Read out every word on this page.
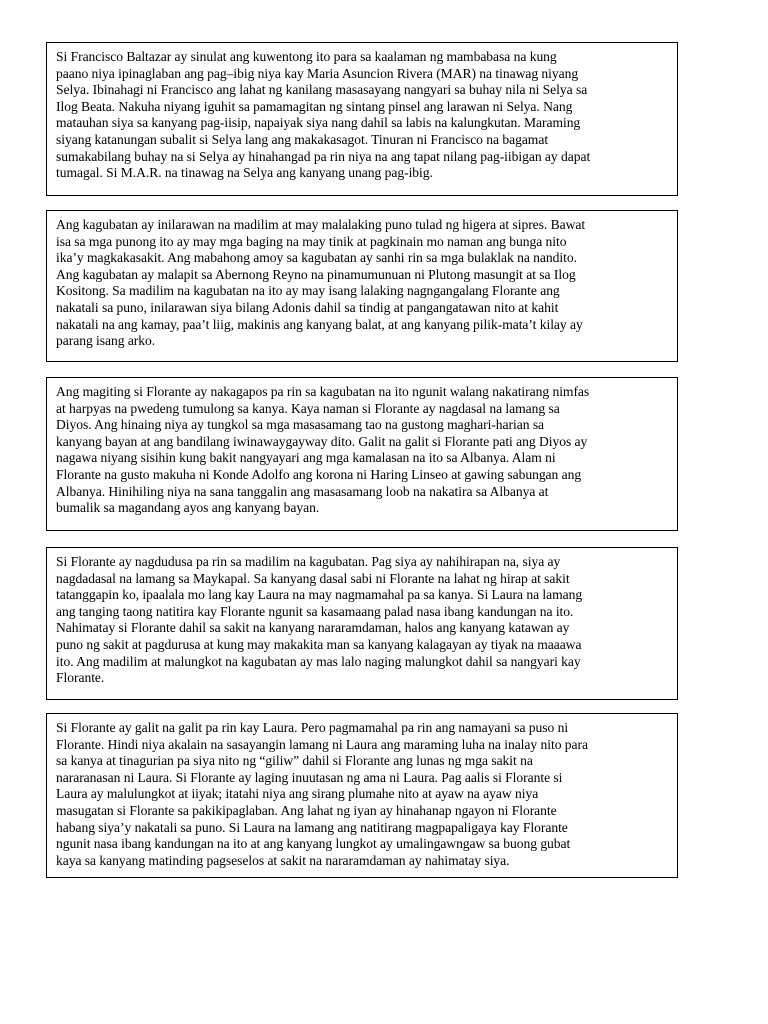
Si Francisco Baltazar ay sinulat ang kuwentong ito para sa kaalaman ng mambabasa na kung
paano niya ipinaglaban ang pag–ibig niya kay Maria Asuncion Rivera (MAR) na tinawag niyang
Selya. Ibinahagi ni Francisco ang lahat ng kanilang masasayang nangyari sa buhay nila ni Selya sa
Ilog Beata. Nakuha niyang iguhit sa pamamagitan ng sintang pinsel ang larawan ni Selya. Nang
matauhan siya sa kanyang pag-iisip, napaiyak siya nang dahil sa labis na kalungkutan. Maraming
siyang katanungan subalit si Selya lang ang makakasagot. Tinuran ni Francisco na bagamat
sumakabilang buhay na si Selya ay hinahangad pa rin niya na ang tapat nilang pag-iibigan ay dapat
tumagal. Si M.A.R. na tinawag na Selya ang kanyang unang pag-ibig.

Ang kagubatan ay inilarawan na madilim at may malalaking puno tulad ng higera at sipres. Bawat
isa sa mga punong ito ay may mga baging na may tinik at pagkinain mo naman ang bunga nito
ika’y magkakasakit. Ang mabahong amoy sa kagubatan ay sanhi rin sa mga bulaklak na nandito.
Ang kagubatan ay malapit sa Abernong Reyno na pinamumunuan ni Plutong masungit at sa Ilog
Kositong. Sa madilim na kagubatan na ito ay may isang lalaking nagngangalang Florante ang
nakatali sa puno, inilarawan siya bilang Adonis dahil sa tindig at pangangatawan nito at kahit
nakatali na ang kamay, paa’t liig, makinis ang kanyang balat, at ang kanyang pilik-mata’t kilay ay
parang isang arko.

Ang magiting si Florante ay nakagapos pa rin sa kagubatan na ito ngunit walang nakatirang nimfas
at harpyas na pwedeng tumulong sa kanya. Kaya naman si Florante ay nagdasal na lamang sa
Diyos. Ang hinaing niya ay tungkol sa mga masasamang tao na gustong maghari-harian sa
kanyang bayan at ang bandilang iwinawaygayway dito. Galit na galit si Florante pati ang Diyos ay
nagawa niyang sisihin kung bakit nangyayari ang mga kamalasan na ito sa Albanya. Alam ni
Florante na gusto makuha ni Konde Adolfo ang korona ni Haring Linseo at gawing sabungan ang
Albanya. Hinihiling niya na sana tanggalin ang masasamang loob na nakatira sa Albanya at
bumalik sa magandang ayos ang kanyang bayan.

Si Florante ay nagdudusa pa rin sa madilim na kagubatan. Pag siya ay nahihirapan na, siya ay
nagdadasal na lamang sa Maykapal. Sa kanyang dasal sabi ni Florante na lahat ng hirap at sakit
tatanggapin ko, ipaalala mo lang kay Laura na may nagmamahal pa sa kanya. Si Laura na lamang
ang tanging taong natitira kay Florante ngunit sa kasamaang palad nasa ibang kandungan na ito.
Nahimatay si Florante dahil sa sakit na kanyang nararamdaman, halos ang kanyang katawan ay
puno ng sakit at pagdurusa at kung may makakita man sa kanyang kalagayan ay tiyak na maaawa
ito. Ang madilim at malungkot na kagubatan ay mas lalo naging malungkot dahil sa nangyari kay
Florante.

Si Florante ay galit na galit pa rin kay Laura. Pero pagmamahal pa rin ang namayani sa puso ni
Florante. Hindi niya akalain na sasayangin lamang ni Laura ang maraming luha na inalay nito para
sa kanya at tinagurian pa siya nito ng “giliw” dahil si Florante ang lunas ng mga sakit na
nararanasan ni Laura. Si Florante ay laging inuutasan ng ama ni Laura. Pag aalis si Florante si
Laura ay malulungkot at iiyak; itatahi niya ang sirang plumahe nito at ayaw na ayaw niya
masugatan si Florante sa pakikipaglaban. Ang lahat ng iyan ay hinahanap ngayon ni Florante
habang siya’y nakatali sa puno. Si Laura na lamang ang natitirang magpapaligaya kay Florante
ngunit nasa ibang kandungan na ito at ang kanyang lungkot ay umalingawngaw sa buong gubat
kaya sa kanyang matinding pagseselos at sakit na nararamdaman ay nahimatay siya.
